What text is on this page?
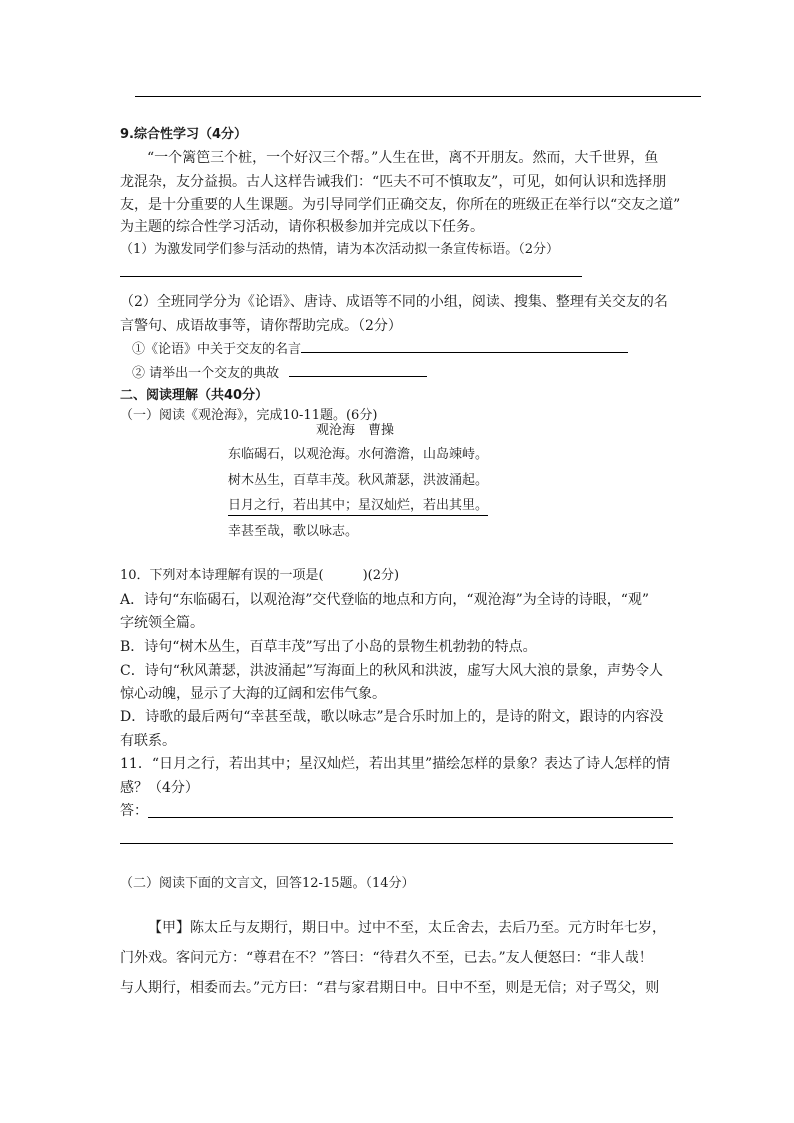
9.综合性学习（4分）
“一个篱笆三个桩，一个好汉三个帮。”人生在世，离不开朋友。然而，大千世界，鱼
龙混杂，友分益损。古人这样告诫我们：“匹夫不可不慎取友”，可见，如何认识和选择朋
友，是十分重要的人生课题。为引导同学们正确交友，你所在的班级正在举行以“交友之道”
为主题的综合性学习活动，请你积极参加并完成以下任务。
（1）为激发同学们参与活动的热情，请为本次活动拟一条宣传标语。（2分）
（2）全班同学分为《论语》、唐诗、成语等不同的小组，阅读、搜集、整理有关交友的名
言警句、成语故事等，请你帮助完成。（2分）
①《论语》中关于交友的名言
② 请举出一个交友的典故
二、阅读理解（共40分）
（一）阅读《观沧海》，完成10-11题。(6分)
观沧海 曹操
东临碣石，以观沧海。水何澹澹，山岛竦峙。
树木丛生，百草丰茂。秋风萧瑟，洪波涌起。
日月之行，若出其中；星汉灿烂，若出其里。
幸甚至哉，歌以咏志。
10．下列对本诗理解有误的一项是(　　　)(2分)
A．诗句“东临碣石，以观沧海”交代登临的地点和方向，“观沧海”为全诗的诗眼，“观”
字统领全篇。
B．诗句“树木丛生，百草丰茂”写出了小岛的景物生机勃勃的特点。
C．诗句“秋风萧瑟，洪波涌起”写海面上的秋风和洪波，虚写大风大浪的景象，声势令人
惊心动魄，显示了大海的辽阔和宏伟气象。
D．诗歌的最后两句“幸甚至哉，歌以咏志”是合乐时加上的，是诗的附文，跟诗的内容没
有联系。
11．“日月之行，若出其中；星汉灿烂，若出其里”描绘怎样的景象？表达了诗人怎样的情
感？（4分）
答：
（二）阅读下面的文言文，回答12-15题。（14分）
【甲】陈太丘与友期行，期日中。过中不至，太丘舍去，去后乃至。元方时年七岁，
门外戏。客问元方：“尊君在不？”答曰：“待君久不至，已去。”友人便怒曰：“非人哉！
与人期行，相委而去。”元方曰：“君与家君期日中。日中不至，则是无信；对子骂父，则
